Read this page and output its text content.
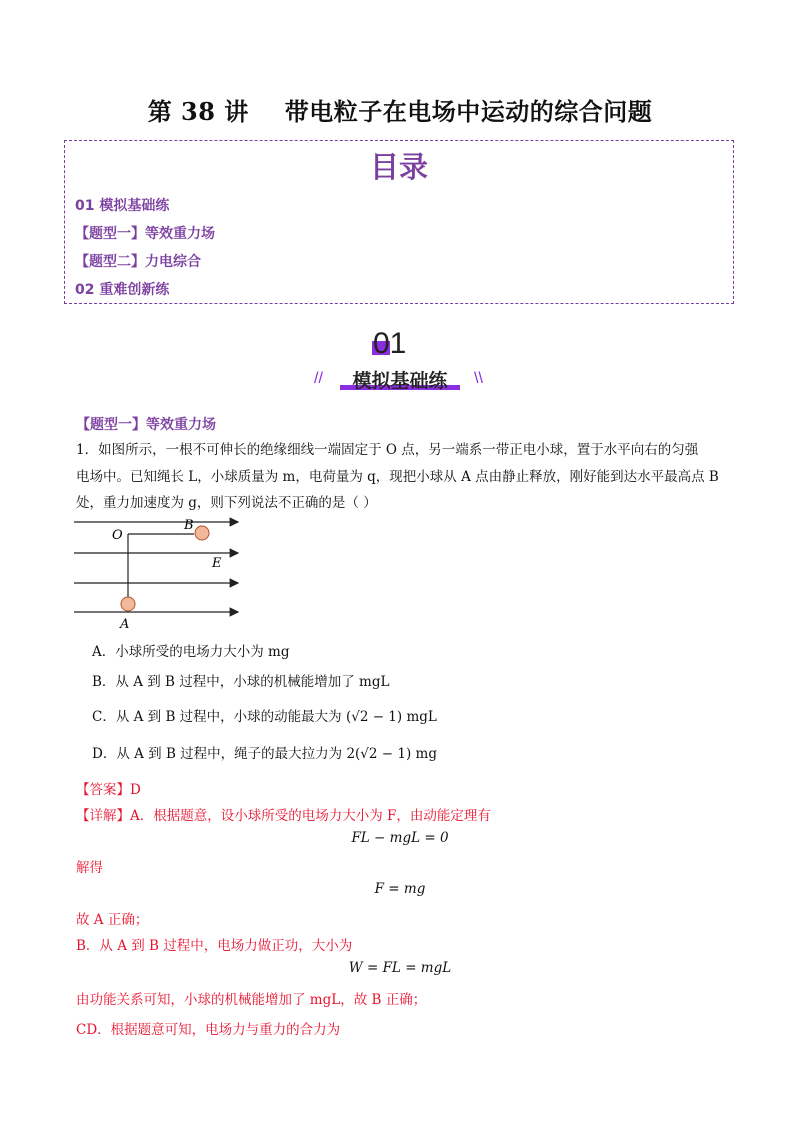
第 38 讲 带电粒子在电场中运动的综合问题
目录
01 模拟基础练
【题型一】等效重力场
【题型二】力电综合
02 重难创新练
01
//	模拟基础练	\\
【题型一】等效重力场
1．如图所示，一根不可伸长的绝缘细线一端固定于 O 点，另一端系一带正电小球，置于水平向右的匀强
电场中。已知绳长 L，小球质量为 m，电荷量为 q，现把小球从 A 点由静止释放，刚好能到达水平最高点 B
处，重力加速度为 g，则下列说法不正确的是（ ）
O
B
E
A
A．小球所受的电场力大小为 mg
B．从 A 到 B 过程中，小球的机械能增加了 mgL
C．从 A 到 B 过程中，小球的动能最大为 (√2 − 1) mgL
D．从 A 到 B 过程中，绳子的最大拉力为 2(√2 − 1) mg
【答案】D
【详解】A．根据题意，设小球所受的电场力大小为 F，由动能定理有
FL − mgL = 0
解得
F = mg
故 A 正确；
B．从 A 到 B 过程中，电场力做正功，大小为
W = FL = mgL
由功能关系可知，小球的机械能增加了 mgL，故 B 正确；
CD．根据题意可知，电场力与重力的合力为
